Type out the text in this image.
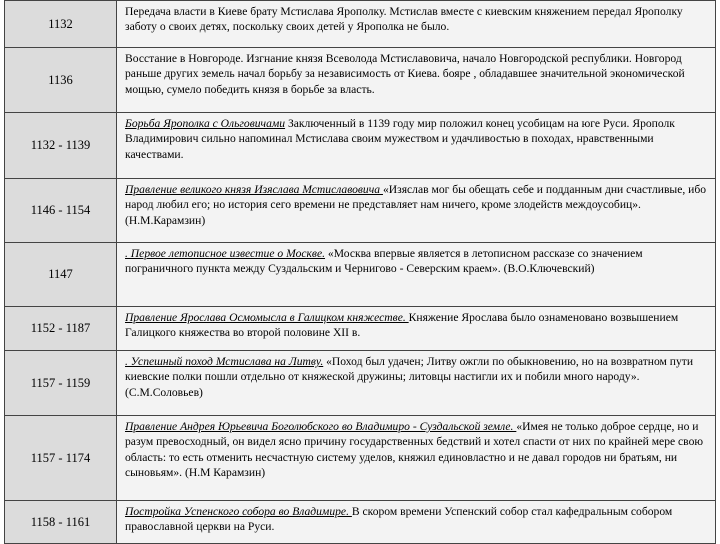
1132
Передача власти в Киеве брату Мстислава Ярополку. Мстислав вместе с киевским княжением передал Ярополку заботу о своих детях, поскольку своих детей у Ярополка не было.
1136
Восстание в Новгороде. Изгнание князя Всеволода Мстиславовича, начало Новгородской республики. Новгород раньше других земель начал борьбу за независимость от Киева. бояре , обладавшее значительной экономической мощью, сумело победить князя в борьбе за власть.
1132 - 1139
Борьба Ярополка с Ольговичами Заключенный в 1139 году мир положил конец усобицам на юге Руси. Ярополк Владимирович сильно напоминал Мстислава своим мужеством и удачливостью в походах, нравственными качествами.
1146 - 1154
Правление великого князя Изяслава Мстиславовича «Изяслав мог бы обещать себе и подданным дни счастливые, ибо народ любил его; но история сего времени не представляет нам ничего, кроме злодейств междоусобиц». (Н.М.Карамзин)
1147
. Первое летописное известие о Москве. «Москва впервые является в летописном рассказе со значением пограничного пункта между Суздальским и Черниговo - Северским краем». (В.О.Ключевский)
1152 - 1187
Правление Ярослава Осмомысла в Галицком княжестве. Княжение Ярослава было ознаменовано возвышением Галицкого княжества во второй половине XII в.
1157 - 1159
. Успешный поход Мстислава на Литву. «Поход был удачен; Литву ожгли по обыкновению, но на возвратном пути киевские полки пошли отдельно от княжеской дружины; литовцы настигли их и побили много народу». (С.М.Соловьев)
1157 - 1174
Правление Андрея Юрьевича Боголюбского во Владимиро - Суздальской земле. «Имея не только доброе сердце, но и разум превосходный, он видел ясно причину государственных бедствий и хотел спасти от них по крайней мере свою область: то есть отменить несчастную систему уделов, княжил единовластно и не давал городов ни братьям, ни сыновьям». (Н.М Карамзин)
1158 - 1161
Постройка Успенского собора во Владимире. В скором времени Успенский собор стал кафедральным собором православной церкви на Руси.
